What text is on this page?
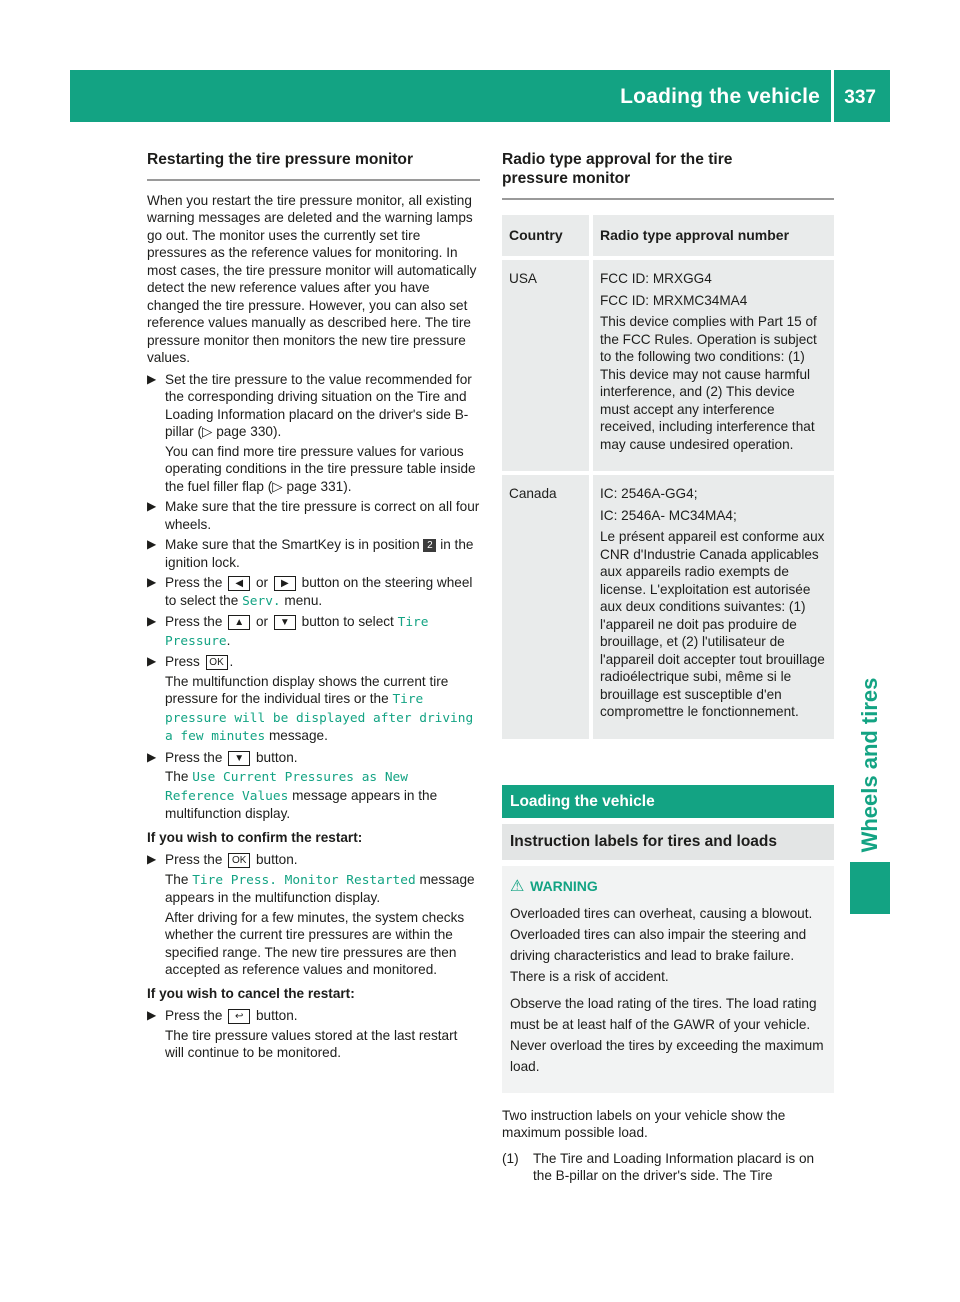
Loading the vehicle 337
Wheels and tires
Restarting the tire pressure monitor

When you restart the tire pressure monitor, all existing warning messages are deleted and the warning lamps go out. The monitor uses the currently set tire pressures as the reference values for monitoring. In most cases, the tire pressure monitor will automatically detect the new reference values after you have changed the tire pressure. However, you can also set reference values manually as described here. The tire pressure monitor then monitors the new tire pressure values.

▶ Set the tire pressure to the value recommended for the corresponding driving situation on the Tire and Loading Information placard on the driver's side B-pillar (▷ page 330).

You can find more tire pressure values for various operating conditions in the tire pressure table inside the fuel filler flap (▷ page 331).

▶ Make sure that the tire pressure is correct on all four wheels.
▶ Make sure that the SmartKey is in position 2 in the ignition lock.
▶ Press the ◀ or ▶ button on the steering wheel to select the Serv. menu.
▶ Press the ▲ or ▼ button to select Tire Pressure.
▶ Press OK .
The multifunction display shows the current tire pressure for the individual tires or the Tire pressure will be displayed after driving a few minutes message.
▶ Press the ▼ button.
The Use Current Pressures as New Reference Values message appears in the multifunction display.

If you wish to confirm the restart:

▶ Press the OK button.
The Tire Press. Monitor Restarted message appears in the multifunction display.

After driving for a few minutes, the system checks whether the current tire pressures are within the specified range. The new tire pressures are then accepted as reference values and monitored.

If you wish to cancel the restart:

▶ Press the ↩ button.

The tire pressure values stored at the last restart will continue to be monitored.

Radio type approval for the tire pressure monitor
Country	Radio type approval number
USA	FCC ID: MRXGG4

FCC ID: MRXMC34MA4

This device complies with Part 15 of the FCC Rules. Operation is subject to the following two conditions: (1) This device may not cause harmful interference, and (2) This device must accept any interference received, including interference that may cause undesired operation.

Canada	IC: 2546A-GG4;

IC: 2546A- MC34MA4;

Le présent appareil est conforme aux CNR d'Industrie Canada applicables aux appareils radio exempts de license. L'exploitation est autorisée aux deux conditions suivantes: (1) l'appareil ne doit pas produire de brouillage, et (2) l'utilisateur de l'appareil doit accepter tout brouillage radioélectrique subi, même si le brouillage est susceptible d'en compromettre le fonctionnement.

Loading the vehicle
Instruction labels for tires and loads
⚠ WARNING

Overloaded tires can overheat, causing a blowout. Overloaded tires can also impair the steering and driving characteristics and lead to brake failure. There is a risk of accident.

Observe the load rating of the tires. The load rating must be at least half of the GAWR of your vehicle. Never overload the tires by exceeding the maximum load.

Two instruction labels on your vehicle show the maximum possible load.

(1) The Tire and Loading Information placard is on the B-pillar on the driver's side. The Tire
